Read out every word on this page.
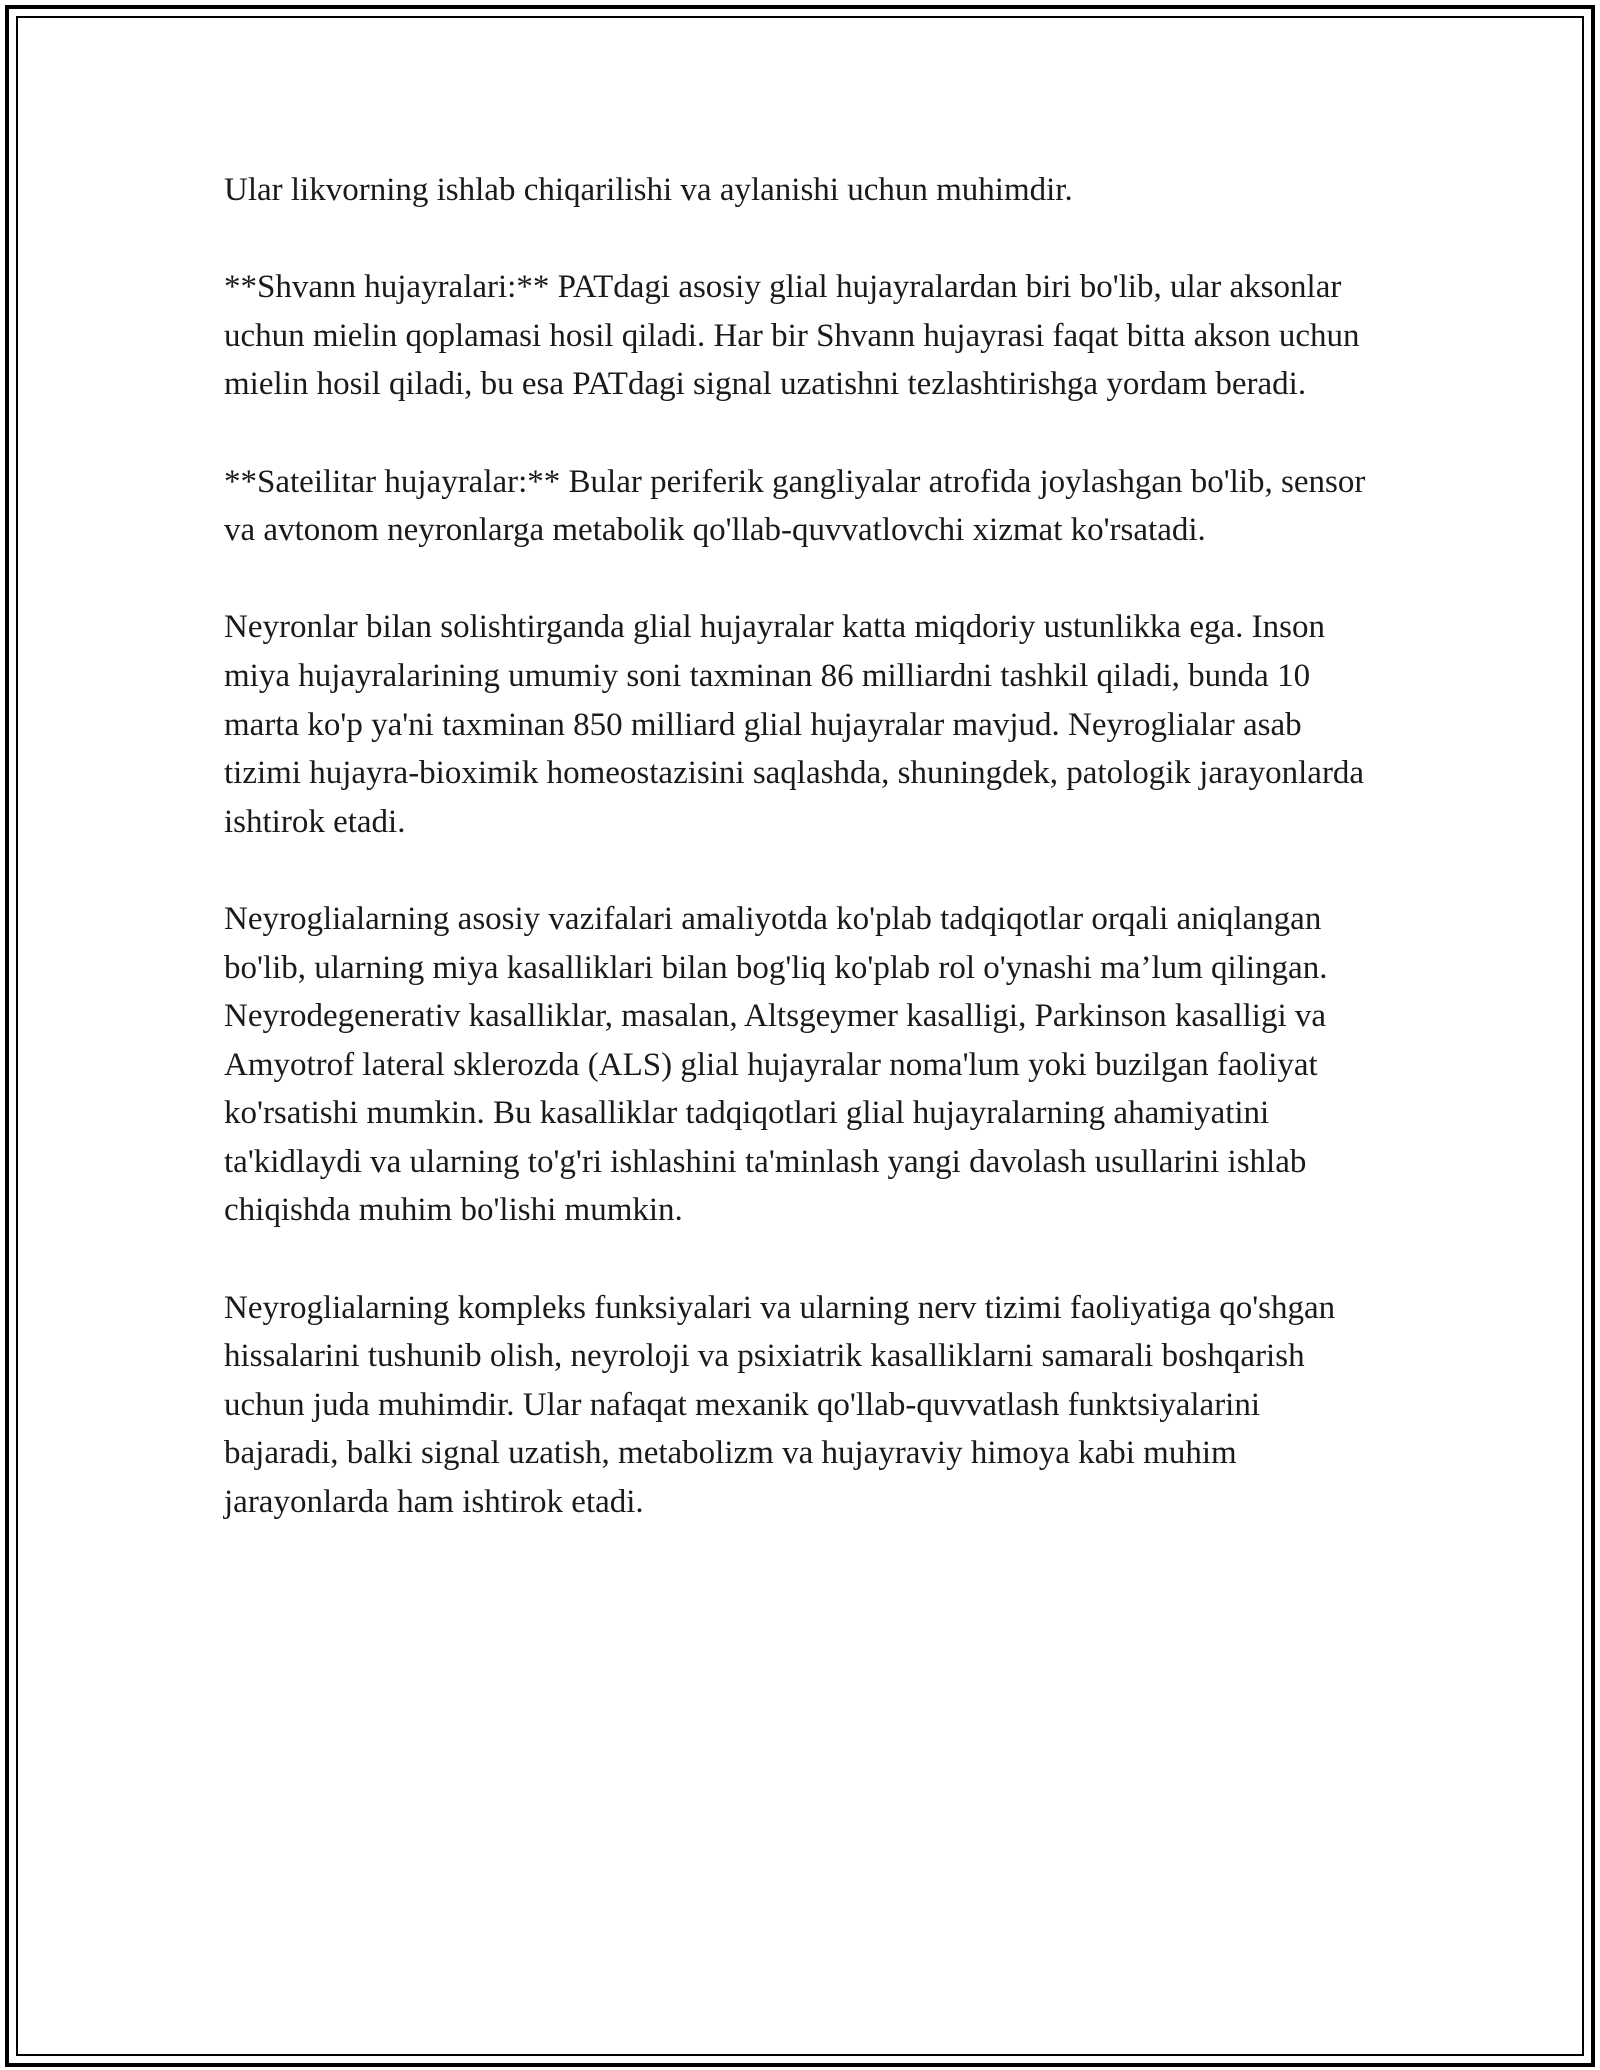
Ular likvorning ishlab chiqarilishi va aylanishi uchun muhimdir.

**Shvann hujayralari:** PATdagi asosiy glial hujayralardan biri bo'lib, ular aksonlar uchun mielin qoplamasi hosil qiladi. Har bir Shvann hujayrasi faqat bitta akson uchun mielin hosil qiladi, bu esa PATdagi signal uzatishni tezlashtirishga yordam beradi.

**Sateilitar hujayralar:** Bular periferik gangliyalar atrofida joylashgan bo'lib, sensor va avtonom neyronlarga metabolik qo'llab-quvvatlovchi xizmat ko'rsatadi.

Neyronlar bilan solishtirganda glial hujayralar katta miqdoriy ustunlikka ega. Inson miya hujayralarining umumiy soni taxminan 86 milliardni tashkil qiladi, bunda 10 marta ko'p ya'ni taxminan 850 milliard glial hujayralar mavjud. Neyroglialar asab tizimi hujayra-bioximik homeostazisini saqlashda, shuningdek, patologik jarayonlarda ishtirok etadi.

Neyroglialarning asosiy vazifalari amaliyotda ko'plab tadqiqotlar orqali aniqlangan bo'lib, ularning miya kasalliklari bilan bog'liq ko'plab rol o'ynashi ma’lum qilingan. Neyrodegenerativ kasalliklar, masalan, Altsgeymer kasalligi, Parkinson kasalligi va Amyotrof lateral sklerozda (ALS) glial hujayralar noma'lum yoki buzilgan faoliyat ko'rsatishi mumkin. Bu kasalliklar tadqiqotlari glial hujayralarning ahamiyatini ta'kidlaydi va ularning to'g'ri ishlashini ta'minlash yangi davolash usullarini ishlab chiqishda muhim bo'lishi mumkin.

Neyroglialarning kompleks funksiyalari va ularning nerv tizimi faoliyatiga qo'shgan hissalarini tushunib olish, neyroloji va psixiatrik kasalliklarni samarali boshqarish uchun juda muhimdir. Ular nafaqat mexanik qo'llab-quvvatlash funktsiyalarini bajaradi, balki signal uzatish, metabolizm va hujayraviy himoya kabi muhim jarayonlarda ham ishtirok etadi.
